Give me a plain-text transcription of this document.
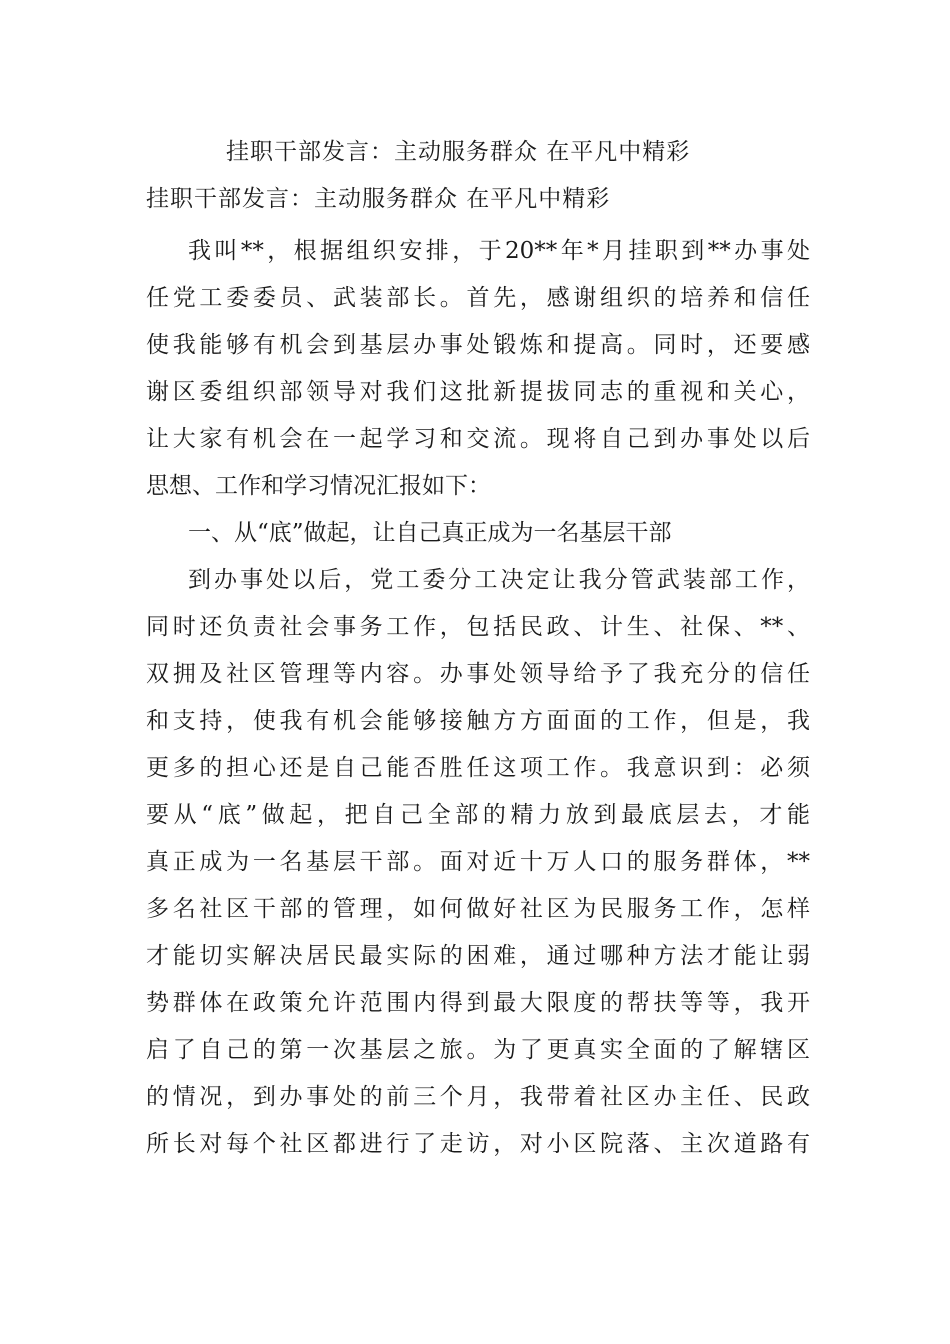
挂职干部发言：主动服务群众 在平凡中精彩
挂职干部发言：主动服务群众 在平凡中精彩
我叫**，根据组织安排，于20**年*月挂职到**办事处
任党工委委员、武装部长。首先，感谢组织的培养和信任
使我能够有机会到基层办事处锻炼和提高。同时，还要感
谢区委组织部领导对我们这批新提拔同志的重视和关心，
让大家有机会在一起学习和交流。现将自己到办事处以后
思想、工作和学习情况汇报如下：
一、从“底”做起，让自己真正成为一名基层干部
到办事处以后，党工委分工决定让我分管武装部工作，
同时还负责社会事务工作，包括民政、计生、社保、**、
双拥及社区管理等内容。办事处领导给予了我充分的信任
和支持，使我有机会能够接触方方面面的工作，但是，我
更多的担心还是自己能否胜任这项工作。我意识到：必须
要从“底”做起，把自己全部的精力放到最底层去，才能
真正成为一名基层干部。面对近十万人口的服务群体，**
多名社区干部的管理，如何做好社区为民服务工作，怎样
才能切实解决居民最实际的困难，通过哪种方法才能让弱
势群体在政策允许范围内得到最大限度的帮扶等等，我开
启了自己的第一次基层之旅。为了更真实全面的了解辖区
的情况，到办事处的前三个月，我带着社区办主任、民政
所长对每个社区都进行了走访，对小区院落、主次道路有
